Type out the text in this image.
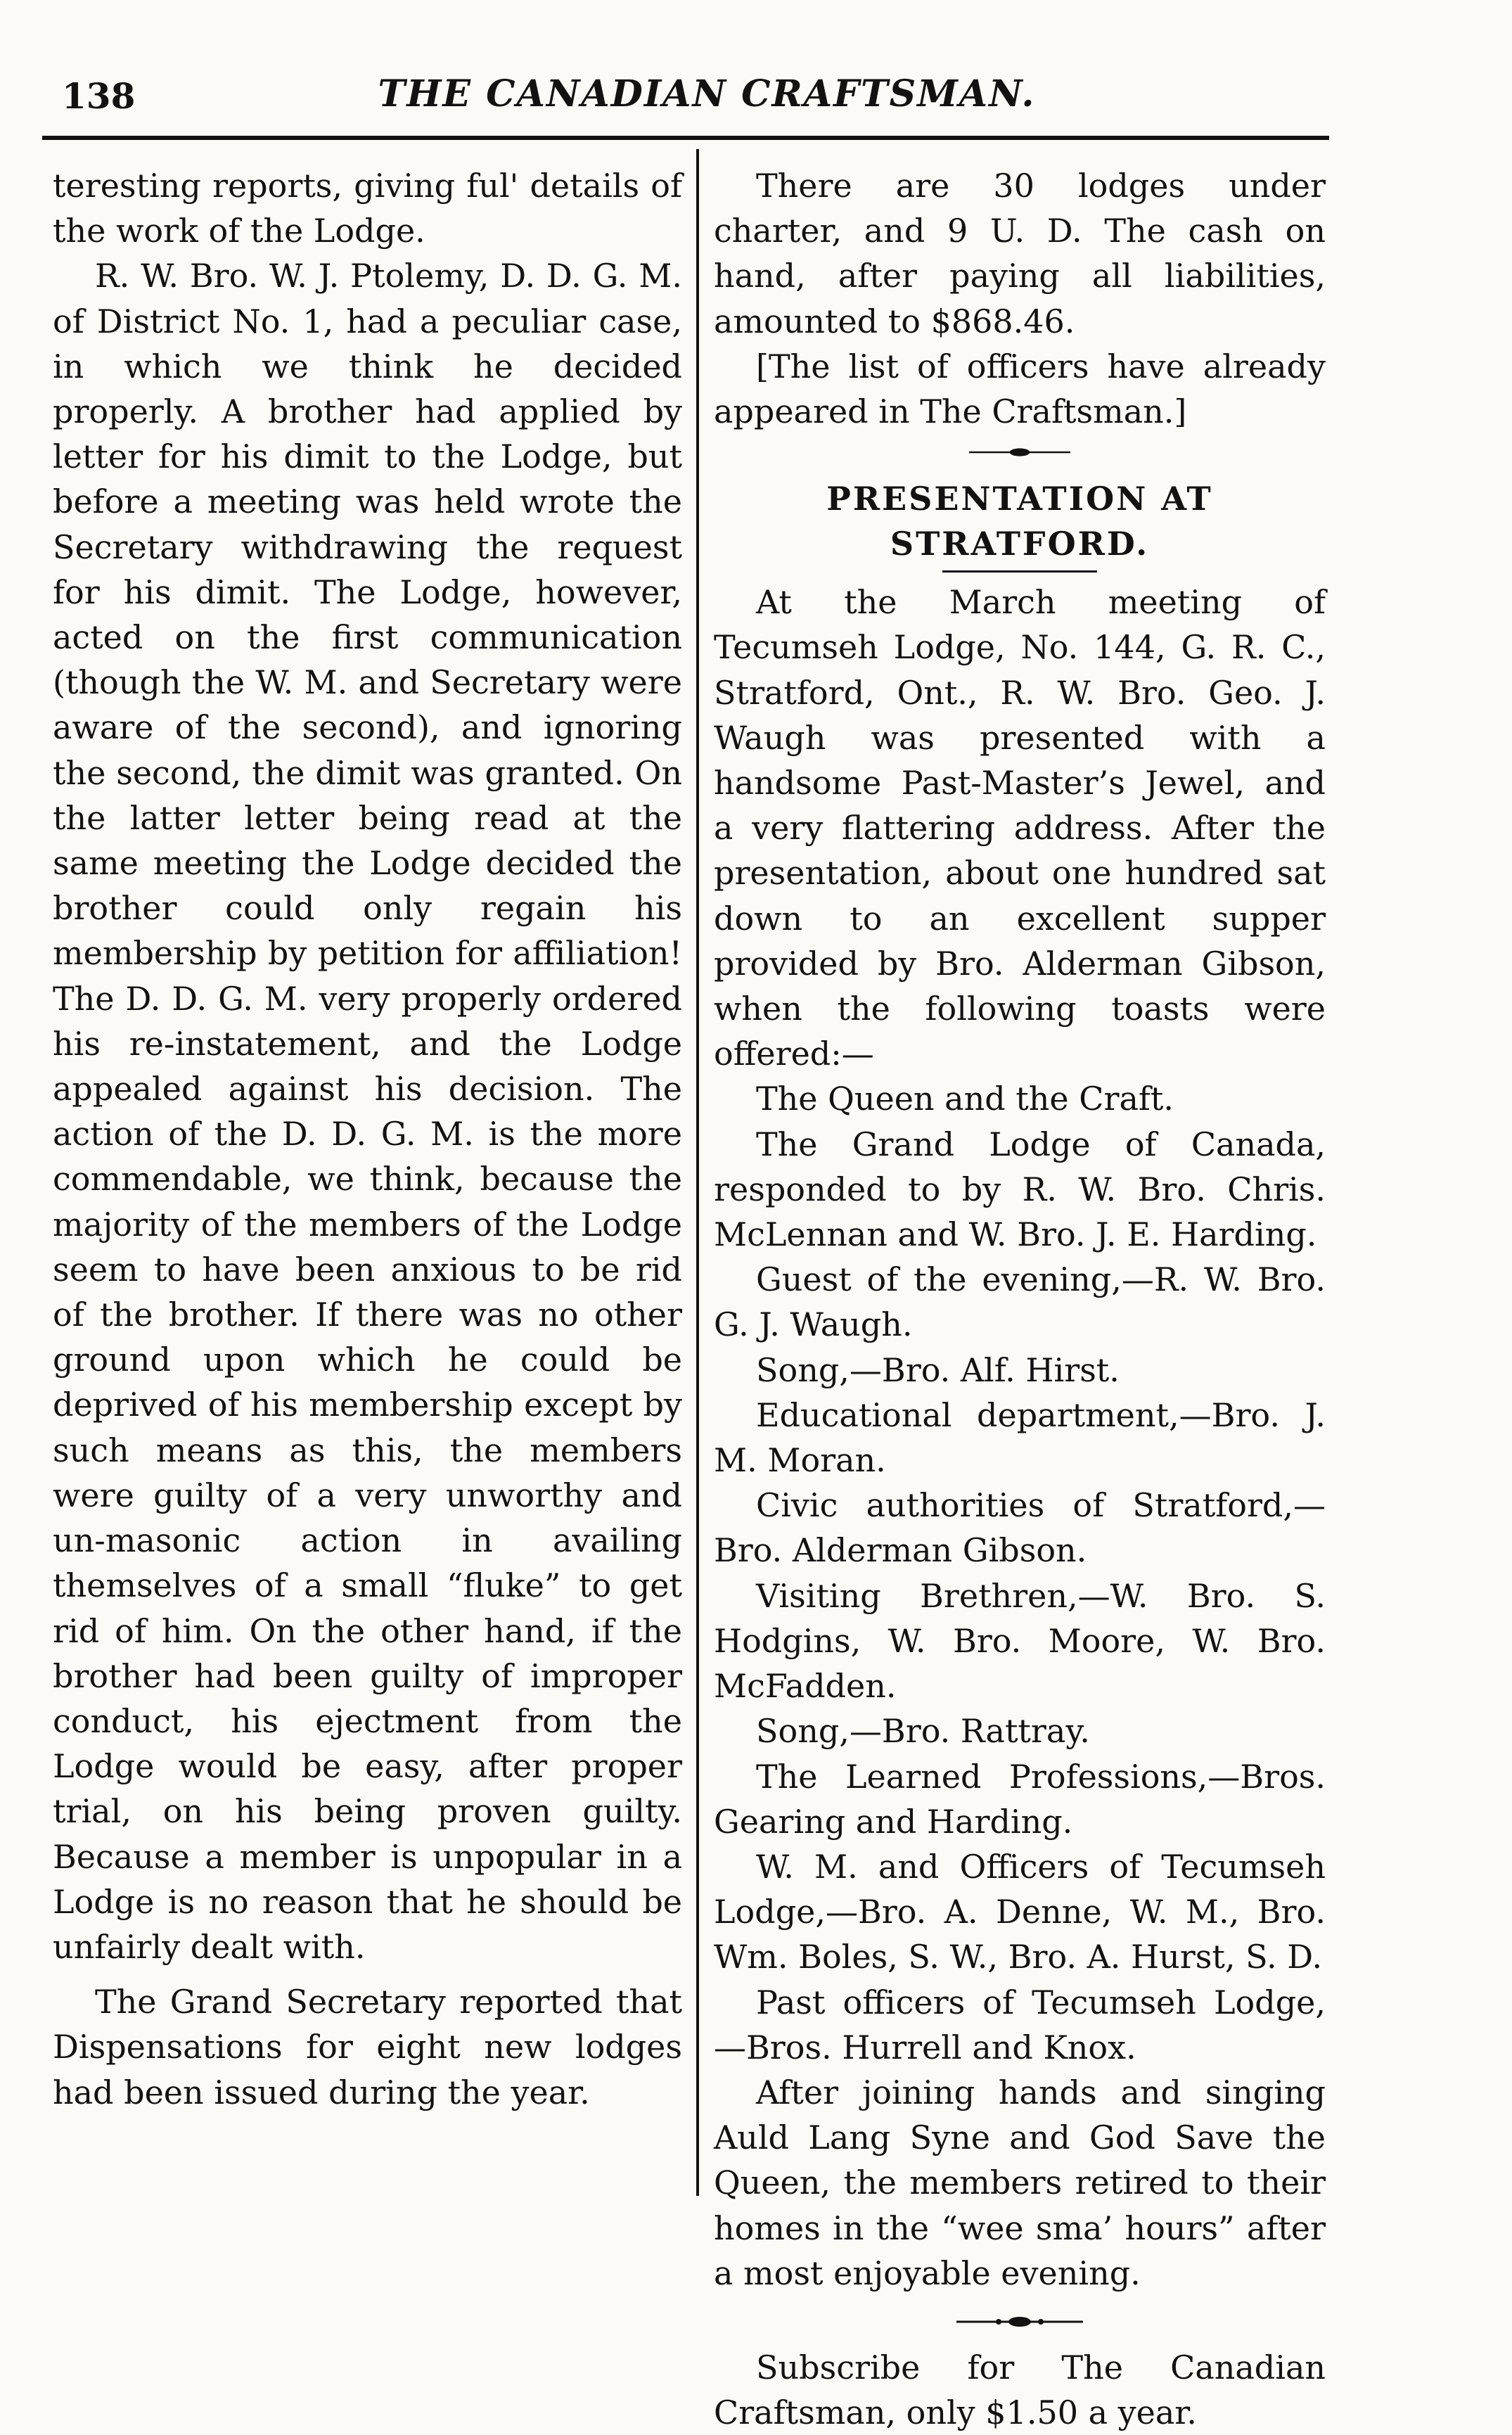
138	THE CANADIAN CRAFTSMAN.

teresting reports, giving ful' details of the work of the Lodge.

R. W. Bro. W. J. Ptolemy, D. D. G. M. of District No. 1, had a peculiar case, in which we think he decided properly. A brother had applied by letter for his dimit to the Lodge, but before a meeting was held wrote the Secretary withdrawing the request for his dimit. The Lodge, however, acted on the first communication (though the W. M. and Secretary were aware of the second), and ignoring the second, the dimit was granted. On the latter letter being read at the same meeting the Lodge decided the brother could only regain his membership by petition for affiliation! The D. D. G. M. very properly ordered his re-instatement, and the Lodge appealed against his decision. The action of the D. D. G. M. is the more commendable, we think, because the majority of the members of the Lodge seem to have been anxious to be rid of the brother. If there was no other ground upon which he could be deprived of his membership except by such means as this, the members were guilty of a very unworthy and un-masonic action in availing themselves of a small “fluke” to get rid of him. On the other hand, if the brother had been guilty of improper conduct, his ejectment from the Lodge would be easy, after proper trial, on his being proven guilty. Because a member is unpopular in a Lodge is no reason that he should be unfairly dealt with.

The Grand Secretary reported that Dispensations for eight new lodges had been issued during the year.

There are 30 lodges under charter, and 9 U. D. The cash on hand, after paying all liabilities, amounted to $868.46.

[The list of officers have already appeared in The Craftsman.]

PRESENTATION AT STRATFORD.

At the March meeting of Tecumseh Lodge, No. 144, G. R. C., Stratford, Ont., R. W. Bro. Geo. J. Waugh was presented with a handsome Past-Master’s Jewel, and a very flattering address. After the presentation, about one hundred sat down to an excellent supper provided by Bro. Alderman Gibson, when the following toasts were offered:—

The Queen and the Craft.
The Grand Lodge of Canada, responded to by R. W. Bro. Chris. McLennan and W. Bro. J. E. Harding.
Guest of the evening,—R. W. Bro. G. J. Waugh.
Song,—Bro. Alf. Hirst.
Educational department,—Bro. J. M. Moran.
Civic authorities of Stratford,—Bro. Alderman Gibson.
Visiting Brethren,—W. Bro. S. Hodgins, W. Bro. Moore, W. Bro. McFadden.
Song,—Bro. Rattray.
The Learned Professions,—Bros. Gearing and Harding.
W. M. and Officers of Tecumseh Lodge,—Bro. A. Denne, W. M., Bro. Wm. Boles, S. W., Bro. A. Hurst, S. D.
Past officers of Tecumseh Lodge,—Bros. Hurrell and Knox.

After joining hands and singing Auld Lang Syne and God Save the Queen, the members retired to their homes in the “wee sma’ hours” after a most enjoyable evening.

Subscribe for The Canadian Craftsman, only $1.50 a year.
